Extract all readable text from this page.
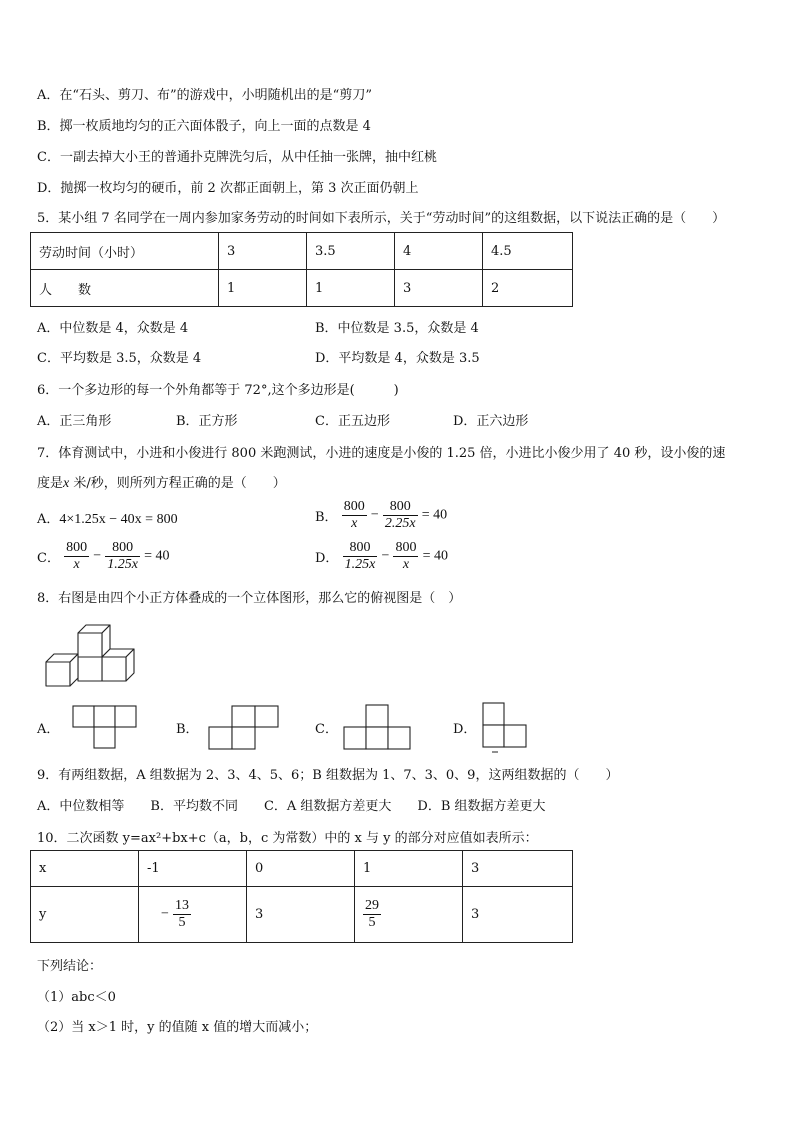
A．在“石头、剪刀、布”的游戏中，小明随机出的是“剪刀”
B．掷一枚质地均匀的正六面体骰子，向上一面的点数是 4
C．一副去掉大小王的普通扑克牌洗匀后，从中任抽一张牌，抽中红桃
D．抛掷一枚均匀的硬币，前 2 次都正面朝上，第 3 次正面仍朝上
5．某小组 7 名同学在一周内参加家务劳动的时间如下表所示，关于“劳动时间”的这组数据，以下说法正确的是（　　）
劳动时间（小时）	3	3.5	4	4.5
人　　数	1	1	3	2
A．中位数是 4，众数是 4	B．中位数是 3.5，众数是 4
C．平均数是 3.5，众数是 4	D．平均数是 4，众数是 3.5
6．一个多边形的每一个外角都等于 72°,这个多边形是(　　　)
A．正三角形	B．正方形	C．正五边形	D．正六边形
7．体育测试中，小进和小俊进行 800 米跑测试，小进的速度是小俊的 1.25 倍，小进比小俊少用了 40 秒，设小俊的速
度是x 米/秒，则所列方程正确的是（　　）
A．4×1.25x − 40x = 800	B． $\frac{800}{x} - \frac{800}{2.25x} = 40$
C． $\frac{800}{x} - \frac{800}{1.25x} = 40$	D． $\frac{800}{1.25x} - \frac{800}{x} = 40$
8．右图是由四个小正方体叠成的一个立体图形，那么它的俯视图是（　）
A．	B．	C．	D．
9．有两组数据，A 组数据为 2、3、4、5、6；B 组数据为 1、7、3、0、9，这两组数据的（　　）
A．中位数相等　　B．平均数不同　　C．A 组数据方差更大　　D．B 组数据方差更大
10．二次函数 y=ax²+bx+c（a，b，c 为常数）中的 x 与 y 的部分对应值如表所示：
x	-1	0	1	3
y	− $\frac{13}{5}$	3	$\frac{29}{5}$	3
下列结论：
（1）abc＜0
（2）当 x＞1 时，y 的值随 x 值的增大而减小；
